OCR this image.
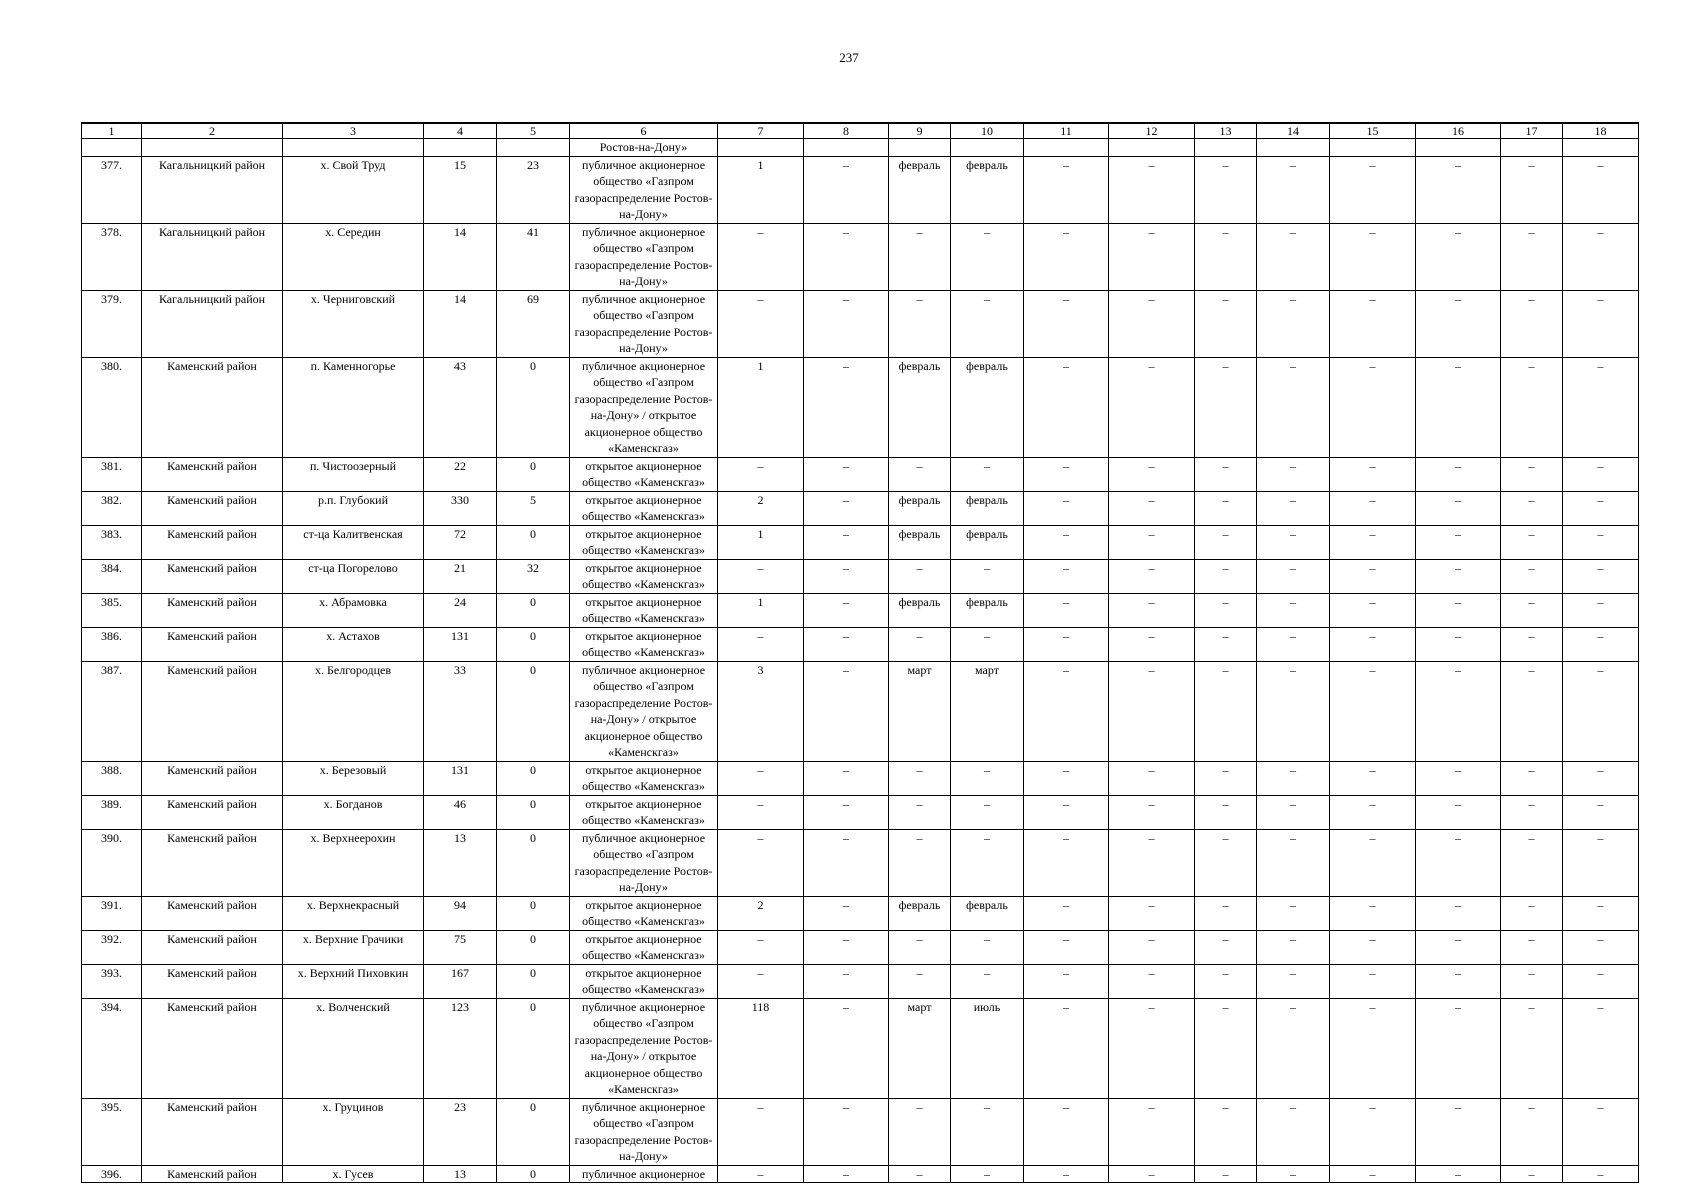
237
1	2	3	4	5	6	7	8	9	10	11	12	13	14	15	16	17	18
					Ростов-на-Дону»												
377.	Кагальницкий район	х. Свой Труд	15	23	публичное акционерное общество «Газпром газораспределение Ростов-на-Дону»	1	–	февраль	февраль	–	–	–	–	–	–	–	–
378.	Кагальницкий район	х. Середин	14	41	публичное акционерное общество «Газпром газораспределение Ростов-на-Дону»	–	–	–	–	–	–	–	–	–	–	–	–
379.	Кагальницкий район	х. Черниговский	14	69	публичное акционерное общество «Газпром газораспределение Ростов-на-Дону»	–	–	–	–	–	–	–	–	–	–	–	–
380.	Каменский район	п. Каменногорье	43	0	публичное акционерное общество «Газпром газораспределение Ростов-на-Дону» / открытое акционерное общество «Каменскгаз»	1	–	февраль	февраль	–	–	–	–	–	–	–	–
381.	Каменский район	п. Чистоозерный	22	0	открытое акционерное общество «Каменскгаз»	–	–	–	–	–	–	–	–	–	–	–	–
382.	Каменский район	р.п. Глубокий	330	5	открытое акционерное общество «Каменскгаз»	2	–	февраль	февраль	–	–	–	–	–	–	–	–
383.	Каменский район	ст-ца Калитвенская	72	0	открытое акционерное общество «Каменскгаз»	1	–	февраль	февраль	–	–	–	–	–	–	–	–
384.	Каменский район	ст-ца Погорелово	21	32	открытое акционерное общество «Каменскгаз»	–	–	–	–	–	–	–	–	–	–	–	–
385.	Каменский район	х. Абрамовка	24	0	открытое акционерное общество «Каменскгаз»	1	–	февраль	февраль	–	–	–	–	–	–	–	–
386.	Каменский район	х. Астахов	131	0	открытое акционерное общество «Каменскгаз»	–	–	–	–	–	–	–	–	–	–	–	–
387.	Каменский район	х. Белгородцев	33	0	публичное акционерное общество «Газпром газораспределение Ростов-на-Дону» / открытое акционерное общество «Каменскгаз»	3	–	март	март	–	–	–	–	–	–	–	–
388.	Каменский район	х. Березовый	131	0	открытое акционерное общество «Каменскгаз»	–	–	–	–	–	–	–	–	–	–	–	–
389.	Каменский район	х. Богданов	46	0	открытое акционерное общество «Каменскгаз»	–	–	–	–	–	–	–	–	–	–	–	–
390.	Каменский район	х. Верхнеерохин	13	0	публичное акционерное общество «Газпром газораспределение Ростов-на-Дону»	–	–	–	–	–	–	–	–	–	–	–	–
391.	Каменский район	х. Верхнекрасный	94	0	открытое акционерное общество «Каменскгаз»	2	–	февраль	февраль	–	–	–	–	–	–	–	–
392.	Каменский район	х. Верхние Грачики	75	0	открытое акционерное общество «Каменскгаз»	–	–	–	–	–	–	–	–	–	–	–	–
393.	Каменский район	х. Верхний Пиховкин	167	0	открытое акционерное общество «Каменскгаз»	–	–	–	–	–	–	–	–	–	–	–	–
394.	Каменский район	х. Волченский	123	0	публичное акционерное общество «Газпром газораспределение Ростов-на-Дону» / открытое акционерное общество «Каменскгаз»	118	–	март	июль	–	–	–	–	–	–	–	–
395.	Каменский район	х. Груцинов	23	0	публичное акционерное общество «Газпром газораспределение Ростов-на-Дону»	–	–	–	–	–	–	–	–	–	–	–	–
396.	Каменский район	х. Гусев	13	0	публичное акционерное	–	–	–	–	–	–	–	–	–	–	–	–
